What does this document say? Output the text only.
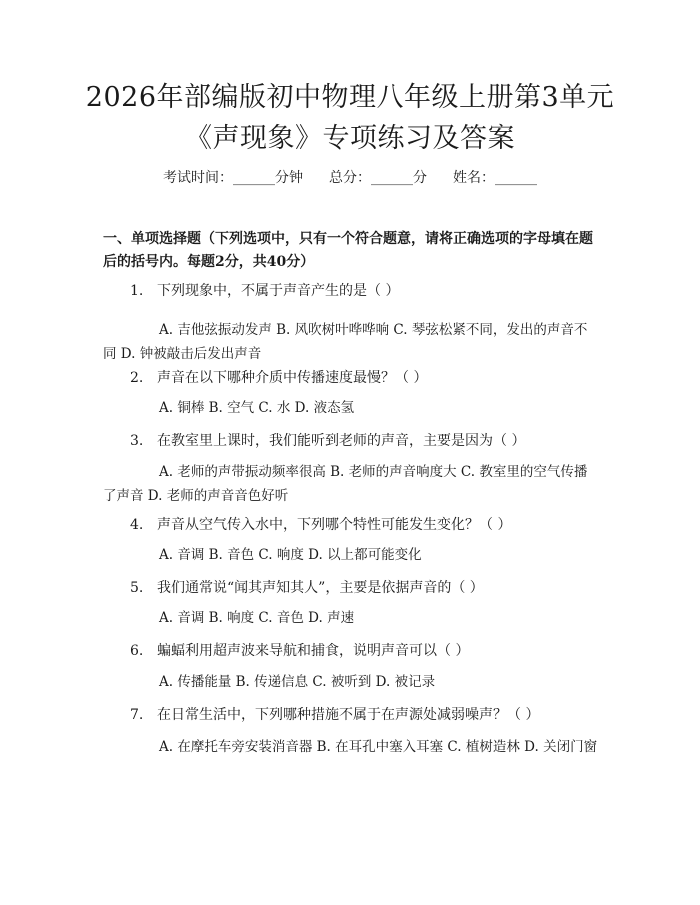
2026年部编版初中物理八年级上册第3单元
《声现象》专项练习及答案
考试时间：______分钟 总分：______分 姓名：______

一、单项选择题（下列选项中，只有一个符合题意，请将正确选项的字母填在题后的括号内。每题2分，共40分）

1. 下列现象中，不属于声音产生的是（ ）
A. 吉他弦振动发声 B. 风吹树叶哗哗响 C. 琴弦松紧不同，发出的声音不同 D. 钟被敲击后发出声音
2. 声音在以下哪种介质中传播速度最慢？（ ）
A. 铜棒 B. 空气 C. 水 D. 液态氢
3. 在教室里上课时，我们能听到老师的声音，主要是因为（ ）
A. 老师的声带振动频率很高 B. 老师的声音响度大 C. 教室里的空气传播了声音 D. 老师的声音音色好听
4. 声音从空气传入水中，下列哪个特性可能发生变化？（ ）
A. 音调 B. 音色 C. 响度 D. 以上都可能变化
5. 我们通常说“闻其声知其人”，主要是依据声音的（ ）
A. 音调 B. 响度 C. 音色 D. 声速
6. 蝙蝠利用超声波来导航和捕食，说明声音可以（ ）
A. 传播能量 B. 传递信息 C. 被听到 D. 被记录
7. 在日常生活中，下列哪种措施不属于在声源处减弱噪声？（ ）
A. 在摩托车旁安装消音器 B. 在耳孔中塞入耳塞 C. 植树造林 D. 关闭门窗
